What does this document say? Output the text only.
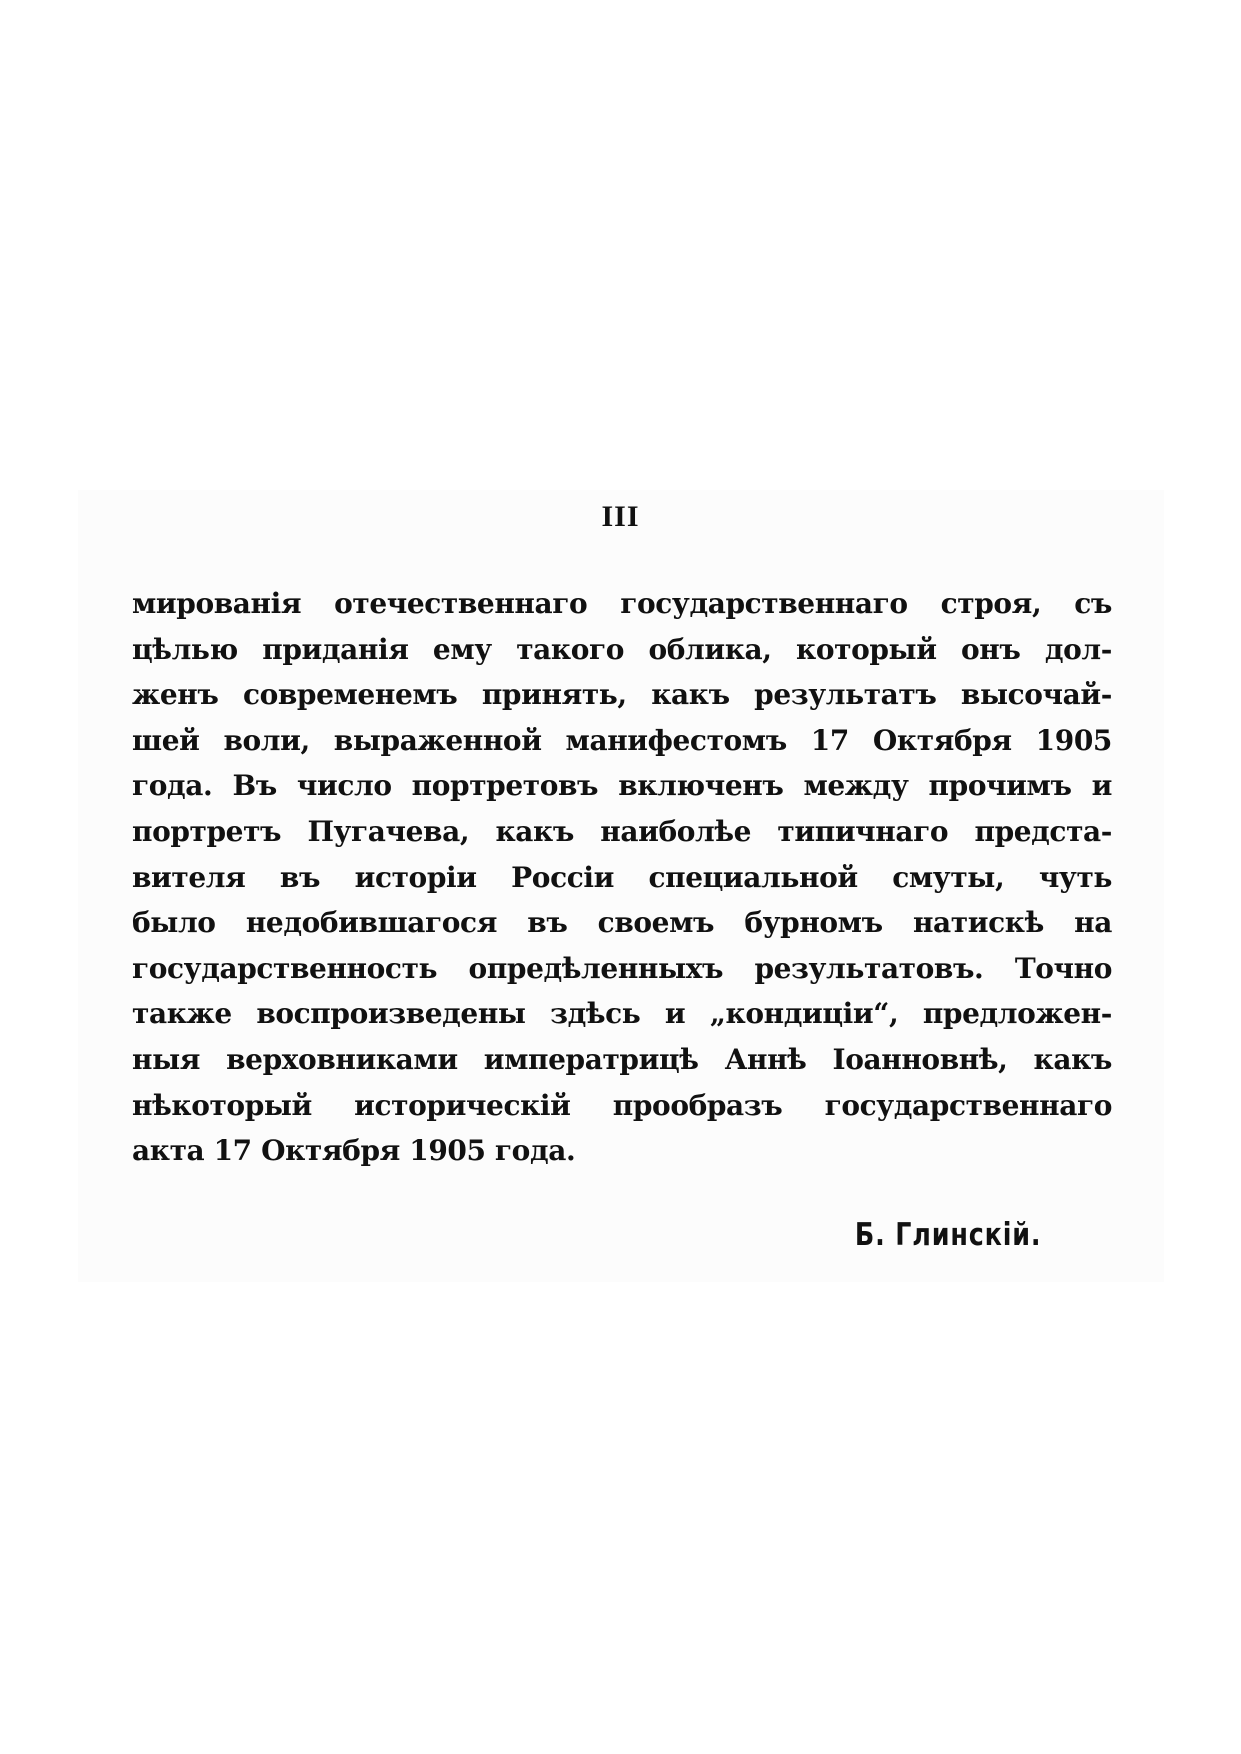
III
мированія отечественнаго государственнаго строя, съ
цѣлью приданія ему такого облика, который онъ дол-
женъ современемъ принять, какъ результатъ высочай-
шей воли, выраженной манифестомъ 17 Октября 1905
года. Въ число портретовъ включенъ между прочимъ и
портретъ Пугачева, какъ наиболѣе типичнаго предста-
вителя въ исторіи Россіи специальной смуты, чуть
было недобившагося въ своемъ бурномъ натискѣ на
государственность опредѣленныхъ результатовъ. Точно
также воспроизведены здѣсь и „кондиціи“, предложен-
ныя верховниками императрицѣ Аннѣ Іоанновнѣ, какъ
нѣкоторый историческій прообразъ государственнаго
акта 17 Октября 1905 года.
Б. Глинскій.
